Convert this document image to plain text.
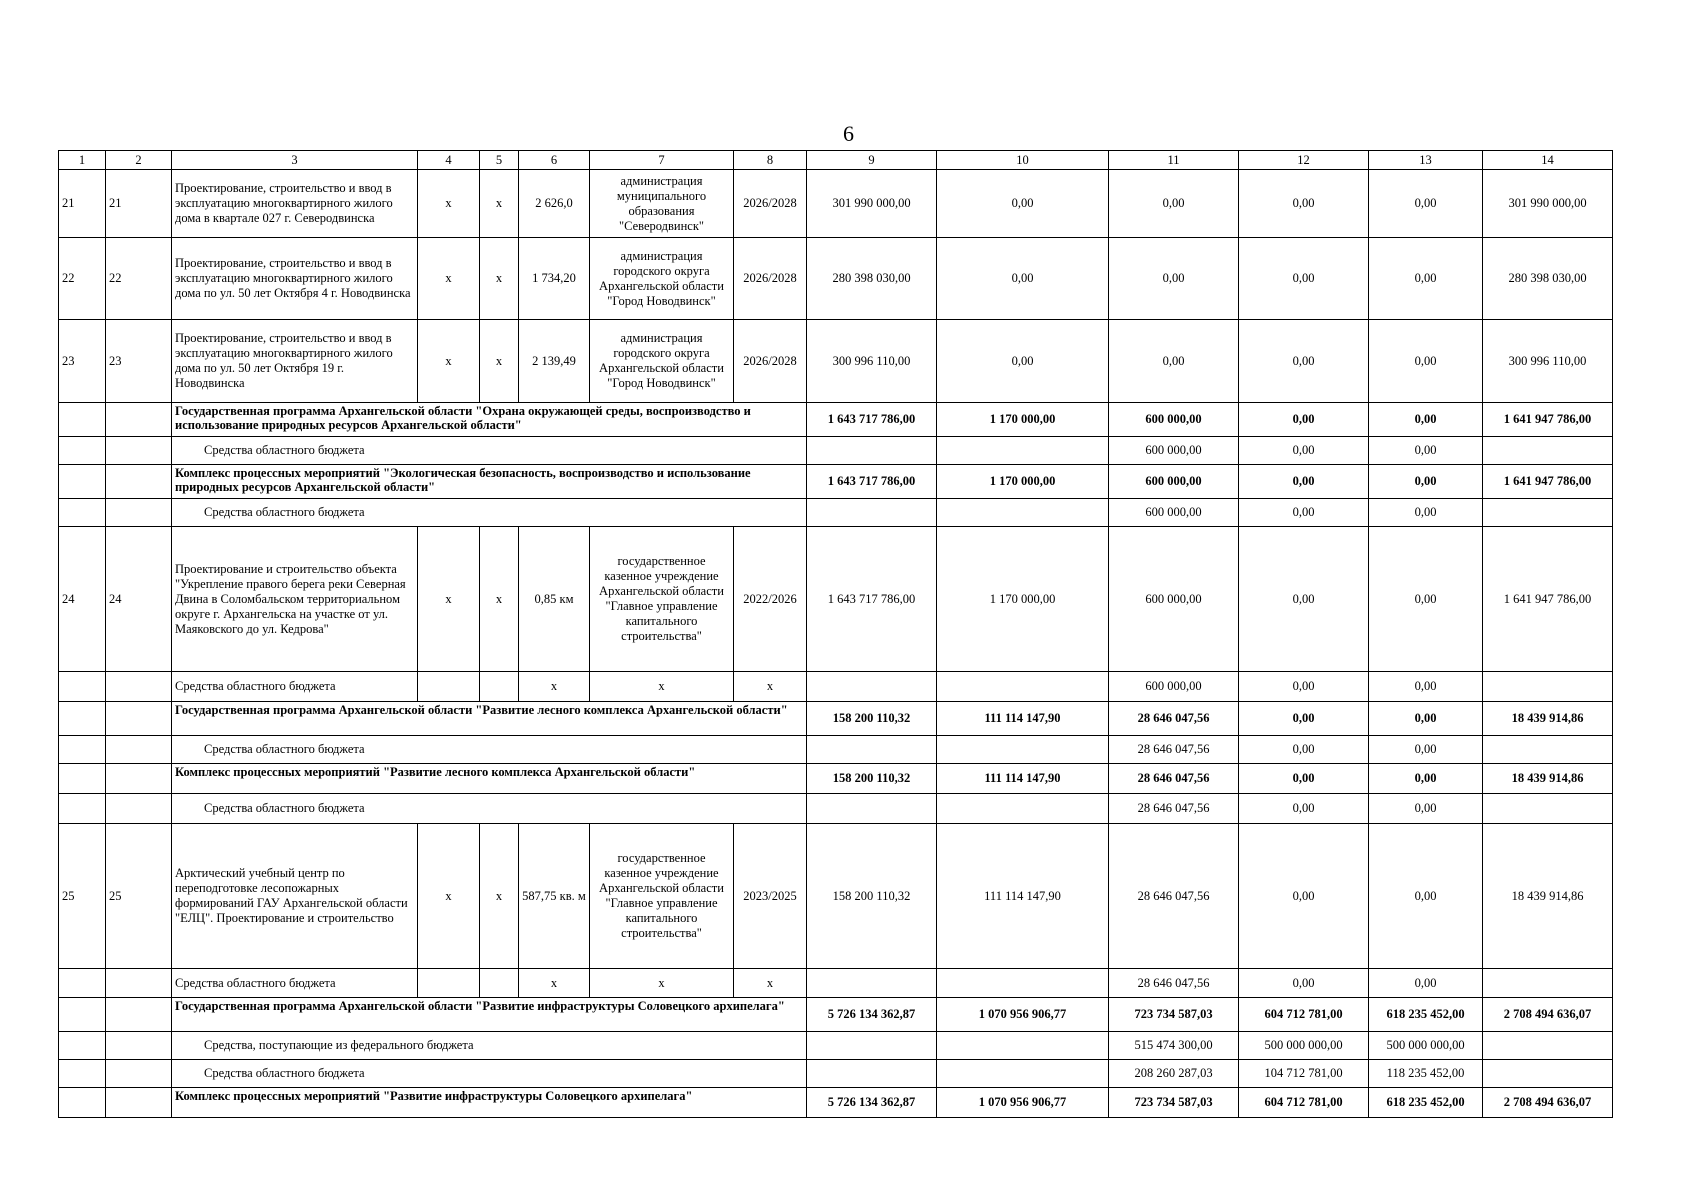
6
1	2	3	4	5	6	7	8	9	10	11	12	13	14
21	21	Проектирование, строительство и ввод в эксплуатацию многоквартирного жилого дома в квартале 027 г. Северодвинска	х	х	2 626,0	администрация муниципального образования "Северодвинск"	2026/2028	301 990 000,00	0,00	0,00	0,00	0,00	301 990 000,00
22	22	Проектирование, строительство и ввод в эксплуатацию многоквартирного жилого дома по ул. 50 лет Октября 4 г. Новодвинска	х	х	1 734,20	администрация городского округа Архангельской области "Город Новодвинск"	2026/2028	280 398 030,00	0,00	0,00	0,00	0,00	280 398 030,00
23	23	Проектирование, строительство и ввод в эксплуатацию многоквартирного жилого дома по ул. 50 лет Октября 19 г. Новодвинска	х	х	2 139,49	администрация городского округа Архангельской области "Город Новодвинск"	2026/2028	300 996 110,00	0,00	0,00	0,00	0,00	300 996 110,00
		Государственная программа Архангельской области "Охрана окружающей среды, воспроизводство и использование природных ресурсов Архангельской области"						1 643 717 786,00	1 170 000,00	600 000,00	0,00	0,00	1 641 947 786,00
		Средства областного бюджета								600 000,00	0,00	0,00	
		Комплекс процессных мероприятий "Экологическая безопасность, воспроизводство и использование природных ресурсов Архангельской области"						1 643 717 786,00	1 170 000,00	600 000,00	0,00	0,00	1 641 947 786,00
		Средства областного бюджета								600 000,00	0,00	0,00	
24	24	Проектирование и строительство объекта "Укрепление правого берега реки Северная Двина в Соломбальском территориальном округе г. Архангельска на участке от ул. Маяковского до ул. Кедрова"	х	х	0,85 км	государственное казенное учреждение Архангельской области "Главное управление капитального строительства"	2022/2026	1 643 717 786,00	1 170 000,00	600 000,00	0,00	0,00	1 641 947 786,00
		Средства областного бюджета			х	х	х			600 000,00	0,00	0,00	
		Государственная программа Архангельской области "Развитие лесного комплекса Архангельской области"						158 200 110,32	111 114 147,90	28 646 047,56	0,00	0,00	18 439 914,86
		Средства областного бюджета								28 646 047,56	0,00	0,00	
		Комплекс процессных мероприятий "Развитие лесного комплекса Архангельской области"						158 200 110,32	111 114 147,90	28 646 047,56	0,00	0,00	18 439 914,86
		Средства областного бюджета								28 646 047,56	0,00	0,00	
25	25	Арктический учебный центр по переподготовке лесопожарных формирований ГАУ Архангельской области "ЕЛЦ". Проектирование и строительство	х	х	587,75 кв. м	государственное казенное учреждение Архангельской области "Главное управление капитального строительства"	2023/2025	158 200 110,32	111 114 147,90	28 646 047,56	0,00	0,00	18 439 914,86
		Средства областного бюджета			х	х	х			28 646 047,56	0,00	0,00	
		Государственная программа Архангельской области "Развитие инфраструктуры Соловецкого архипелага"						5 726 134 362,87	1 070 956 906,77	723 734 587,03	604 712 781,00	618 235 452,00	2 708 494 636,07
		Средства, поступающие из федерального бюджета								515 474 300,00	500 000 000,00	500 000 000,00	
		Средства областного бюджета								208 260 287,03	104 712 781,00	118 235 452,00	
		Комплекс процессных мероприятий "Развитие инфраструктуры Соловецкого архипелага"						5 726 134 362,87	1 070 956 906,77	723 734 587,03	604 712 781,00	618 235 452,00	2 708 494 636,07
